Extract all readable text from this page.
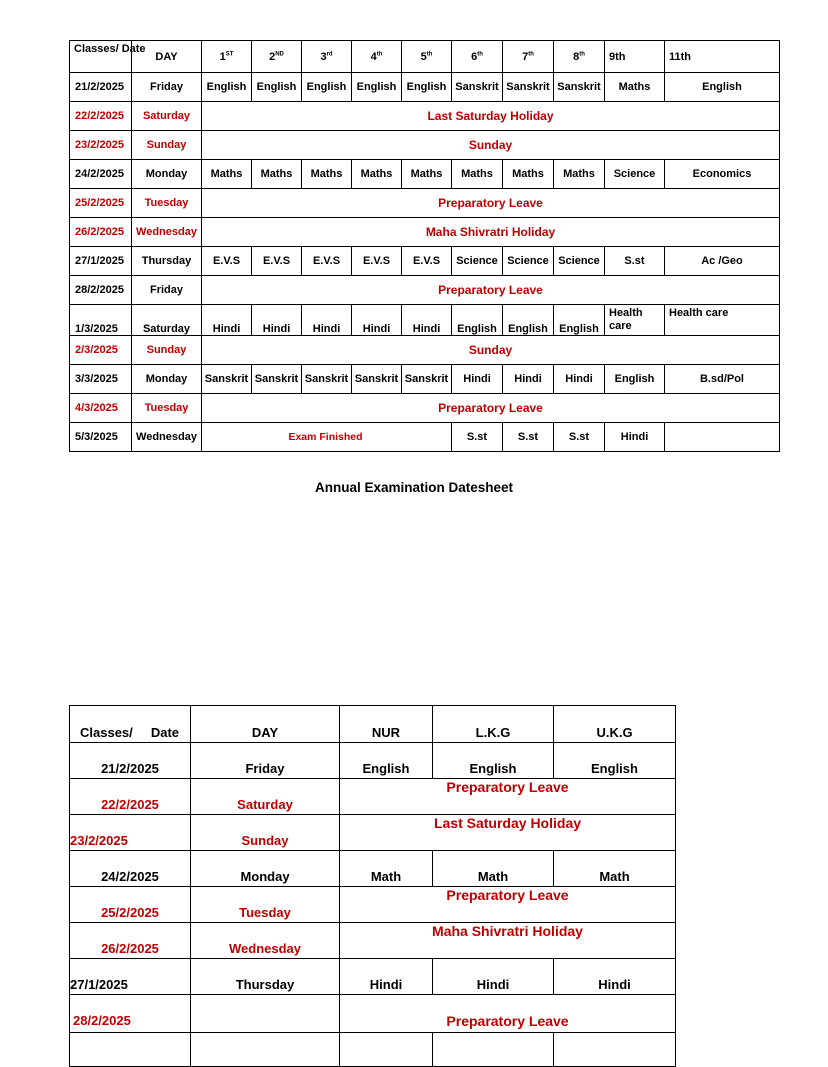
Classes/ Date	DAY	1ST	2ND	3rd	4th	5th	6th	7th	8th	9th	11th
21/2/2025	Friday	English	English	English	English	English	Sanskrit	Sanskrit	Sanskrit	Maths	English
22/2/2025	Saturday	Last Saturday Holiday									
23/2/2025	Sunday	Sunday									
24/2/2025	Monday	Maths	Maths	Maths	Maths	Maths	Maths	Maths	Maths	Science	Economics
25/2/2025	Tuesday	Preparatory Leave									
26/2/2025	Wednesday	Maha Shivratri Holiday									
27/1/2025	Thursday	E.V.S	E.V.S	E.V.S	E.V.S	E.V.S	Science	Science	Science	S.st	Ac /Geo
28/2/2025	Friday	Preparatory Leave									
1/3/2025	Saturday	Hindi	Hindi	Hindi	Hindi	Hindi	English	English	English	Health care	Health care
2/3/2025	Sunday	Sunday									
3/3/2025	Monday	Sanskrit	Sanskrit	Sanskrit	Sanskrit	Sanskrit	Hindi	Hindi	Hindi	English	B.sd/Pol
4/3/2025	Tuesday	Preparatory Leave									
5/3/2025	Wednesday	Exam Finished					S.st	S.st	S.st	Hindi	
Annual Examination Datesheet
Classes/     Date	DAY	NUR	L.K.G	U.K.G
21/2/2025	Friday	English	English	English
22/2/2025	Saturday	Preparatory Leave		
23/2/2025	Sunday	Last Saturday Holiday		
24/2/2025	Monday	Math	Math	Math
25/2/2025	Tuesday	Preparatory Leave		
26/2/2025	Wednesday	Maha Shivratri Holiday		
27/1/2025	Thursday	Hindi	Hindi	Hindi
28/2/2025		Preparatory Leave		
